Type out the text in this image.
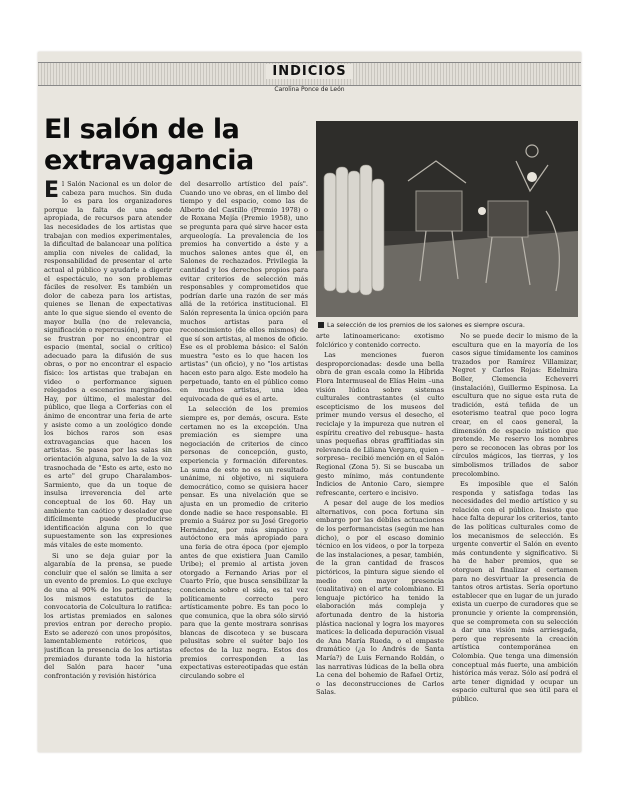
INDICIOS
Carolina Ponce de León
El salón de la extravagancia
La selección de los premios de los salones es siempre oscura.

El Salón Nacional es un dolor de cabeza para muchos. Sin duda lo es para los organizadores porque la falta de una sede apropiada, de recursos para atender las necesidades de los artistas que trabajan con medios experimentales, la dificultad de balancear una política amplia con niveles de calidad, la responsabilidad de presentar el arte actual al público y ayudarle a digerir el espectáculo, no son problemas fáciles de resolver. Es también un dolor de cabeza para los artistas, quienes se llenan de expectativas ante lo que sigue siendo el evento de mayor bulla (no de relevancia, significación o repercusión), pero que se frustran por no encontrar el espacio (mental, social o crítico) adecuado para la difusión de sus obras, o por no encontrar el espacio físico: los artistas que trabajan en video o performance siguen relegados a escenarios marginados. Hay, por último, el malestar del público, que llega a Corferias con el ánimo de encontrar una feria de arte y asiste como a un zoológico donde los bichos raros son esas extravagancias que hacen los artistas. Se pasea por las salas sin orientación alguna, salvo la de la voz trasnochada de "Esto es arte, esto no es arte" del grupo Charalambos-Sarmiento, que da un toque de insulsa irreverencia del arte conceptual de los 60. Hay un ambiente tan caótico y desolador que difícilmente puede producirse identificación alguna con lo que supuestamente son las expresiones más vitales de este momento.

Si uno se deja guiar por la algarabía de la prensa, se puede concluir que el salón se limita a ser un evento de premios. Lo que excluye de una al 90% de los participantes; los mismos estatutos de la convocatoria de Colcultura lo ratifica: los artistas premiados en salones previos entran por derecho propio. Esto se aderezó con unos propósitos, lamentablemente retóricos, que justifican la presencia de los artistas premiados durante toda la historia del Salón para hacer "una confrontación y revisión histórica

del desarrollo artístico del país". Cuando uno ve obras, en el limbo del tiempo y del espacio, como las de Alberto del Castillo (Premio 1978) o de Roxana Mejía (Premio 1958), uno se pregunta para qué sirve hacer esta arqueología. La prevalencia de los premios ha convertido a éste y a muchos salones antes que él, en Salones de rechazados. Privilegia la cantidad y los derechos propios para evitar criterios de selección más responsables y comprometidos que podrían darle una razón de ser más allá de la retórica institucional. El Salón representa la única opción para muchos artistas para el reconocimiento (de ellos mismos) de que sí son artistas, al menos de oficio. Ese es el problema básico: el Salón muestra "esto es lo que hacen los artistas" (un oficio), y no "los artistas hacen esto para algo. Este modelo ha perpetuado, tanto en el público como en muchos artistas, una idea equivocada de qué es el arte.

La selección de los premios siempre es, por demás, oscura. Este certamen no es la excepción. Una premiación es siempre una negociación de criterios de cinco personas de concepción, gusto, experiencia y formación diferentes. La suma de esto no es un resultado unánime, ni objetivo, ni siquiera democrático, como se quisiera hacer pensar. Es una nivelación que se ajusta en un promedio de criterio donde nadie se hace responsable. El premio a Suárez por su José Gregorio Hernández, por más simpático y autóctono era más apropiado para una feria de otra época (por ejemplo antes de que existiera Juan Camilo Uribe); el premio al artista joven otorgado a Fernando Arias por el Cuarto Frío, que busca sensibilizar la conciencia sobre el sida, es tal vez políticamente correcto pero artísticamente pobre. Es tan poco lo que comunica, que la obra sólo sirvió para que la gente mostrara sonrisas blancas de discoteca y se buscara pelusitas sobre el suéter bajo los efectos de la luz negra. Estos dos premios corresponden a las expectativas estereotipadas que están circulando sobre el

arte latinoamericano: exotismo folclórico y contenido correcto.

Las menciones fueron desproporcionadas: desde una bella obra de gran escala como la Híbrida Flora Intermuseal de Elías Heim –una visión lúdica sobre sistemas culturales contrastantes (el culto escepticismo de los museos del primer mundo versus el desecho, el reciclaje y la impureza que nutren el espíritu creativo del rebusque– hasta unas pequeñas obras graffitiadas sin relevancia de Liliana Vergara, quien –sorpresa– recibió mención en el Salón Regional (Zona 5). Si se buscaba un gesto mínimo, más contundente Indicios de Antonio Caro, siempre refrescante, certero e incisivo.

A pesar del auge de los medios alternativos, con poca fortuna sin embargo por las débiles actuaciones de los performancistas (según me han dicho), o por el escaso dominio técnico en los videos, o por la torpeza de las instalaciones, a pesar, también, de la gran cantidad de frascos pictóricos, la pintura sigue siendo el medio con mayor presencia (cualitativa) en el arte colombiano. El lenguaje pictórico ha tenido la elaboración más compleja y afortunada dentro de la historia plástica nacional y logra los mayores matices: la delicada depuración visual de Ana María Rueda, o el empaste dramático (¿a lo Andrés de Santa María?) de Luis Fernando Roldán, o las narrativas lúdicas de la bella obra La cena del bohemio de Rafael Ortiz, o las deconstrucciones de Carlos Salas.

No se puede decir lo mismo de la escultura que en la mayoría de los casos sigue tímidamente los caminos trazados por Ramírez Villamizar, Negret y Carlos Rojas: Edelmira Boller, Clemencia Echeverri (instalación), Guillermo Espinosa. La escultura que no sigue esta ruta de tradición, está teñida de un esoterismo teatral que poco logra crear, en el caos general, la dimensión de espacio místico que pretende. Me reservo los nombres pero se reconocen las obras por los círculos mágicos, las tierras, y los simbolismos trillados de sabor precolombino.

Es imposible que el Salón responda y satisfaga todas las necesidades del medio artístico y su relación con el público. Insisto que hace falta depurar los criterios, tanto de las políticas culturales como de los mecanismos de selección. Es urgente convertir el Salón en evento más contundente y significativo. Si ha de haber premios, que se otorguen al finalizar el certamen para no desvirtuar la presencia de tantos otros artistas. Sería oportuno establecer que en lugar de un jurado exista un cuerpo de curadores que se pronuncie y oriente la comprensión, que se comprometa con su selección a dar una visión más arriesgada, pero que represente la creación artística contemporánea en Colombia. Que tenga una dimensión conceptual más fuerte, una ambición histórica más veraz. Sólo así podrá el arte tener dignidad y ocupar un espacio cultural que sea útil para el público.
